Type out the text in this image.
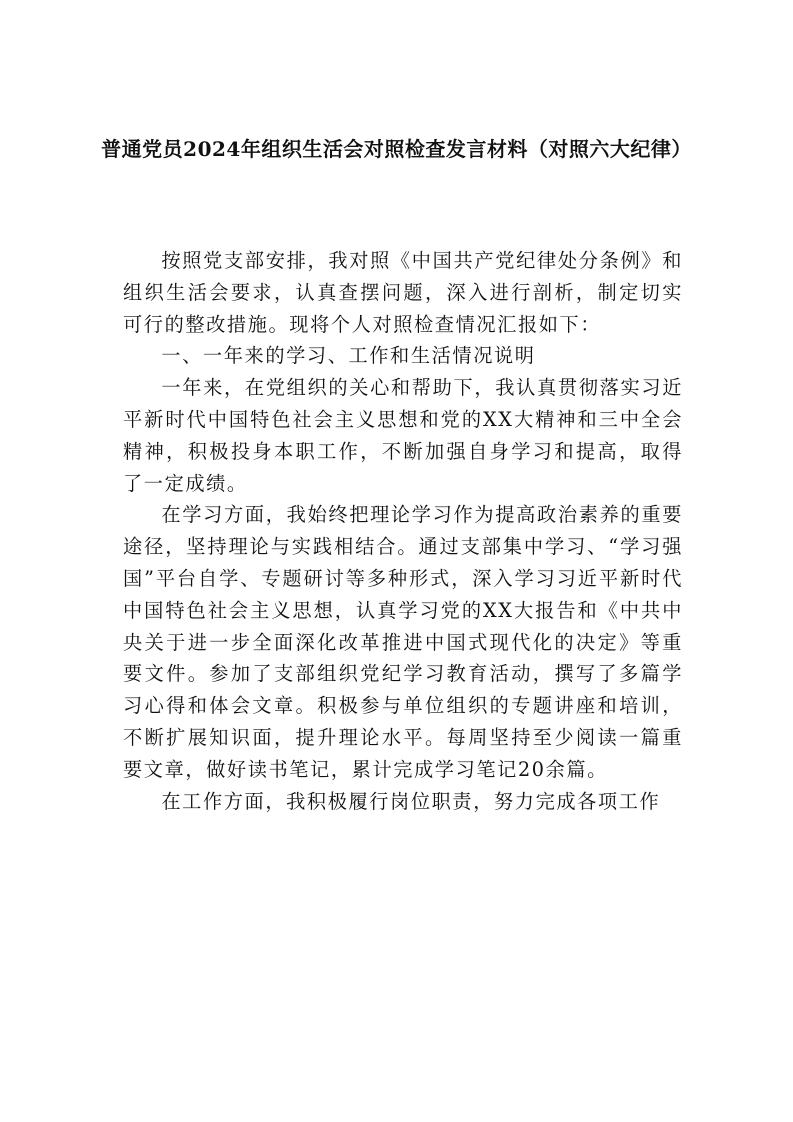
普通党员2024年组织生活会对照检查发言材料（对照六大纪律）

按照党支部安排，我对照《中国共产党纪律处分条例》和组织生活会要求，认真查摆问题，深入进行剖析，制定切实可行的整改措施。现将个人对照检查情况汇报如下：

一、一年来的学习、工作和生活情况说明

一年来，在党组织的关心和帮助下，我认真贯彻落实习近平新时代中国特色社会主义思想和党的XX大精神和三中全会精神，积极投身本职工作，不断加强自身学习和提高，取得了一定成绩。

在学习方面，我始终把理论学习作为提高政治素养的重要途径，坚持理论与实践相结合。通过支部集中学习、“学习强国”平台自学、专题研讨等多种形式，深入学习习近平新时代中国特色社会主义思想，认真学习党的XX大报告和《中共中央关于进一步全面深化改革推进中国式现代化的决定》等重要文件。参加了支部组织党纪学习教育活动，撰写了多篇学习心得和体会文章。积极参与单位组织的专题讲座和培训，不断扩展知识面，提升理论水平。每周坚持至少阅读一篇重要文章，做好读书笔记，累计完成学习笔记20余篇。

在工作方面，我积极履行岗位职责，努力完成各项工作
